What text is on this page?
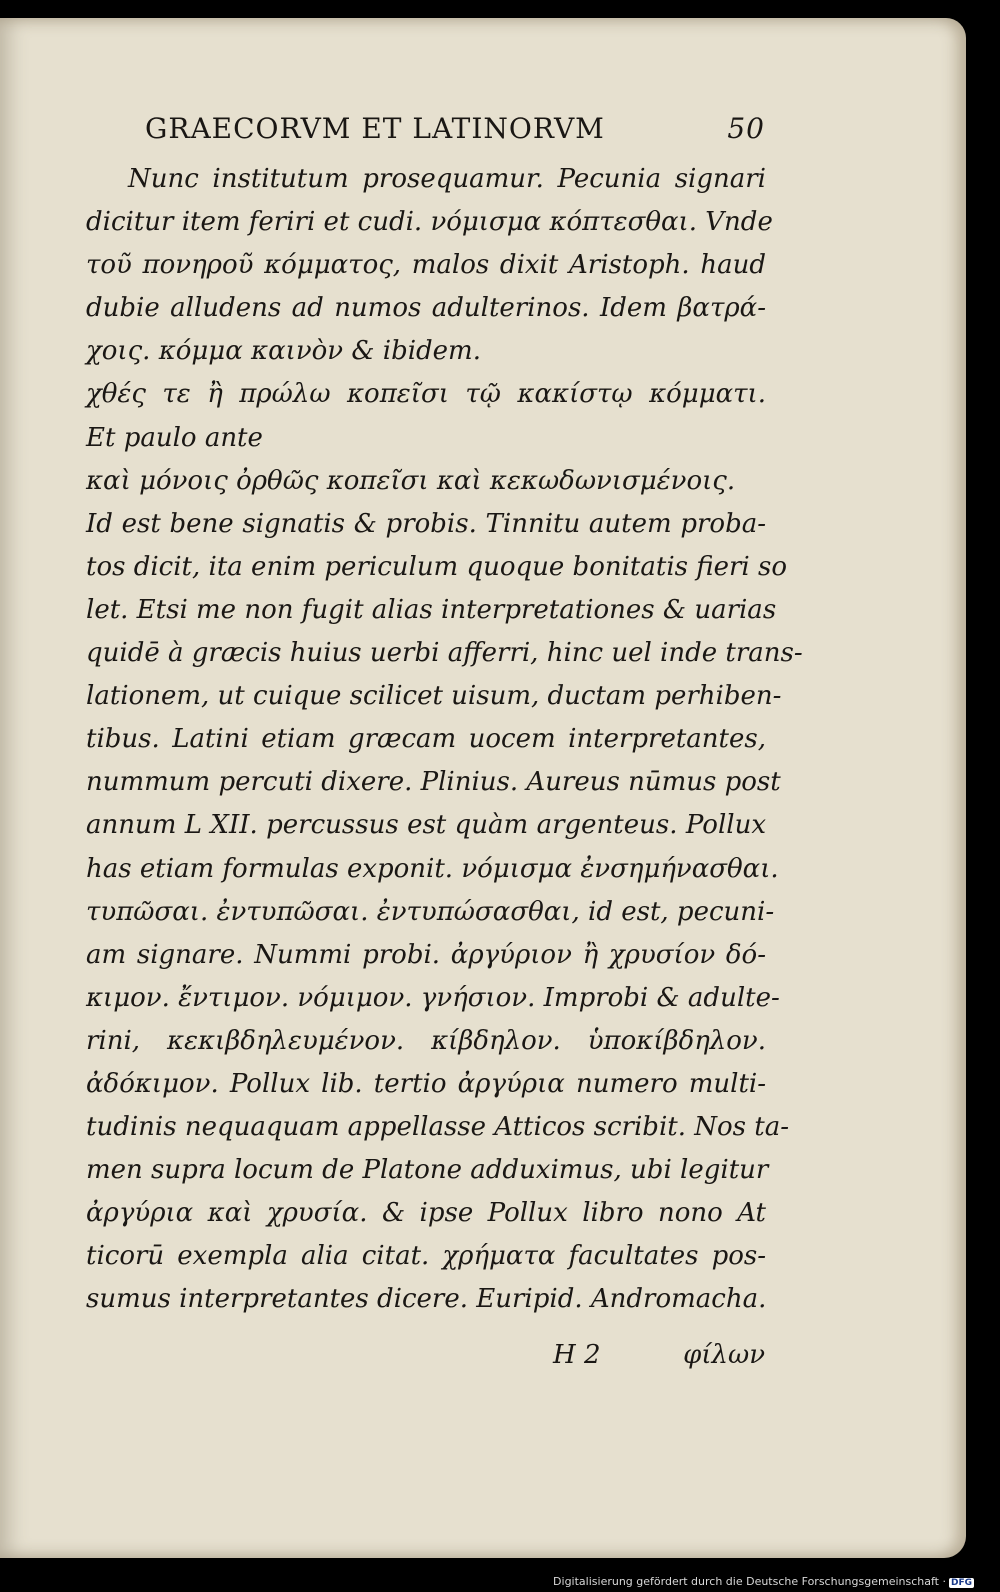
GRAECORVM ET LATINORVM	50
Nunc institutum prosequamur. Pecunia signari
dicitur item feriri et cudi. νόμισμα κόπτεσθαι. Vnde
τοῦ πονηροῦ κόμματος, malos dixit Aristoph. haud
dubie alludens ad numos adulterinos. Idem βατρά-
χοις. κόμμα καινὸν & ibidem.
χθές τε ἢ πρώλω κοπεῖσι τῷ κακίστῳ κόμματι.
Et paulo ante
καὶ μόνοις ὀρθῶς κοπεῖσι καὶ κεκωδωνισμένοις.
Id est bene signatis & probis. Tinnitu autem proba-
tos dicit, ita enim periculum quoque bonitatis fieri so
let. Etsi me non fugit alias interpretationes & uarias
quidē à græcis huius uerbi afferri, hinc uel inde trans-
lationem, ut cuique scilicet uisum, ductam perhiben-
tibus. Latini etiam græcam uocem interpretantes,
nummum percuti dixere. Plinius. Aureus nūmus post
annum L XII. percussus est quàm argenteus. Pollux
has etiam formulas exponit. νόμισμα ἐνσημήνασθαι.
τυπῶσαι. ἐντυπῶσαι. ἐντυπώσασθαι, id est, pecuni-
am signare. Nummi probi. ἀργύριον ἢ χρυσίον δό-
κιμον. ἔντιμον. νόμιμον. γνήσιον. Improbi & adulte-
rini, κεκιβδηλευμένον. κίβδηλον. ὑποκίβδηλον.
ἀδόκιμον. Pollux lib. tertio ἀργύρια numero multi-
tudinis nequaquam appellasse Atticos scribit. Nos ta-
men supra locum de Platone adduximus, ubi legitur
ἀργύρια καὶ χρυσία. & ipse Pollux libro nono At
ticorū exempla alia citat. χρήματα facultates pos-
sumus interpretantes dicere. Euripid. Andromacha.
H 2	φίλων
Digitalisierung gefördert durch die Deutsche Forschungsgemeinschaft · DFG
